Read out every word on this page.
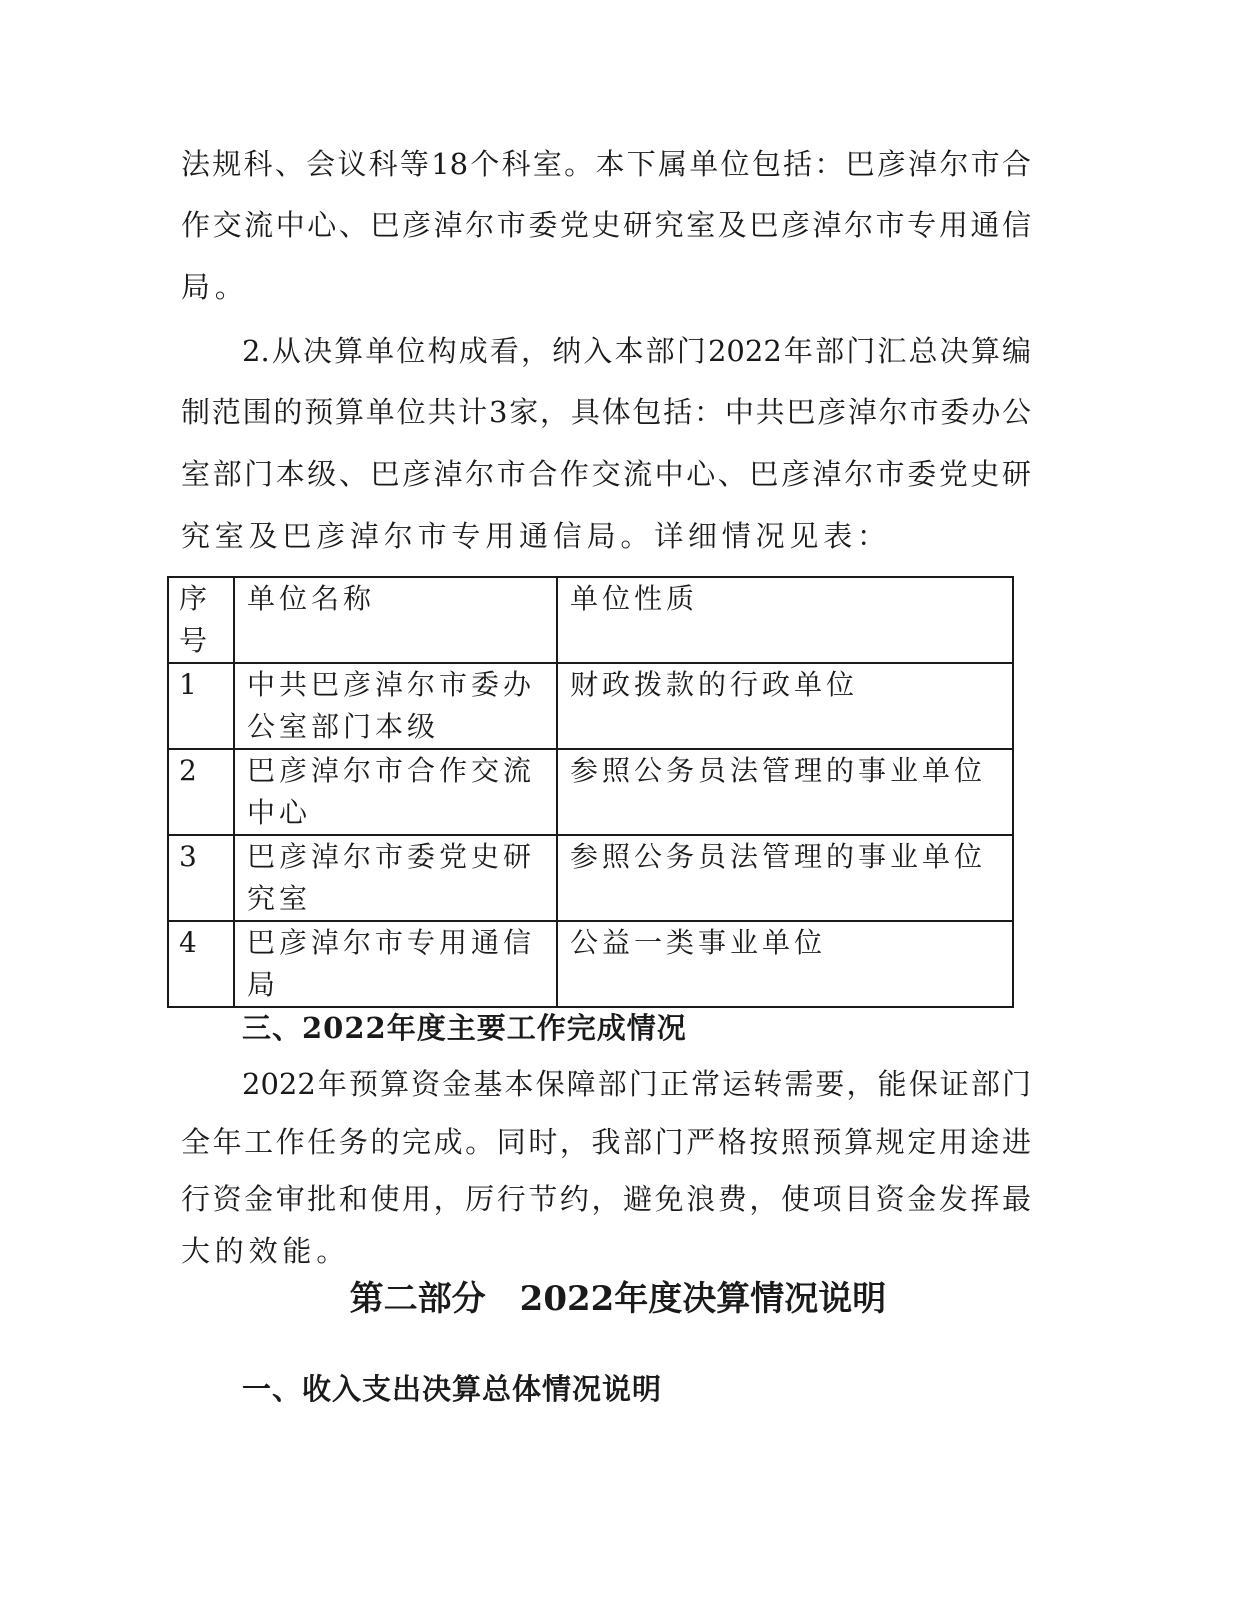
法规科、会议科等18个科室。本下属单位包括：巴彦淖尔市合
作交流中心、巴彦淖尔市委党史研究室及巴彦淖尔市专用通信
局。
2.从决算单位构成看，纳入本部门2022年部门汇总决算编
制范围的预算单位共计3家，具体包括：中共巴彦淖尔市委办公
室部门本级、巴彦淖尔市合作交流中心、巴彦淖尔市委党史研
究室及巴彦淖尔市专用通信局。详细情况见表：
序号	单位名称	单位性质
1	中共巴彦淖尔市委办公室部门本级	财政拨款的行政单位
2	巴彦淖尔市合作交流中心	参照公务员法管理的事业单位
3	巴彦淖尔市委党史研究室	参照公务员法管理的事业单位
4	巴彦淖尔市专用通信局	公益一类事业单位
三、2022年度主要工作完成情况
2022年预算资金基本保障部门正常运转需要，能保证部门
全年工作任务的完成。同时，我部门严格按照预算规定用途进
行资金审批和使用，厉行节约，避免浪费，使项目资金发挥最
大的效能。
第二部分　2022年度决算情况说明
一、收入支出决算总体情况说明
